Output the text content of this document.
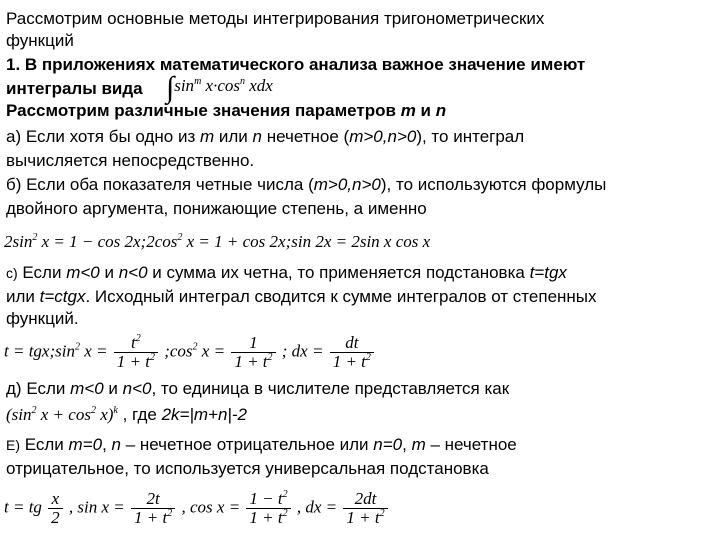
Рассмотрим основные методы интегрирования тригонометрических
функций
1. В приложениях математического анализа важное значение имеют
интегралы вида $\int\sin^m$ $x\cdot\cos^n$ xdx
Рассмотрим различные значения параметров m и n
а) Если хотя бы одно из m или n нечетное (m>0,n>0), то интеграл
вычисляется непосредственно.
б) Если оба показателя четные числа (m>0,n>0), то используются формулы
двойного аргумента, понижающие степень, а именно
$2\sin^2$ $x = 1 - \cos 2x;2\cos^2$ x = 1 + cos 2x;sin 2x = 2sin x cos x
с) Если m<0 и n<0 и сумма их четна, то применяется подстановка t=tgx
или t=ctgx. Исходный интеграл сводится к сумме интегралов от степенных
функций.
$t = tgx;\sin^2$ $x = \frac{t^2}{1 + t^2}$ $;\cos^2$ $x = \frac{1}{1 + t^2}$ ; dx = $\frac{dt}{1 + t^2}$
д) Если m<0 и n<0, то единица в числителе представляется как
($\sin^2$ $x + \cos^2 x)^k$ , где 2k=|m+n|-2
Е) Если m=0, n – нечетное отрицательное или n=0, m – нечетное
отрицательное, то используется универсальная подстановка
t = tg $\frac{x}{2}$ , $\sin x = \frac{2t}{1 + t^2}$ , $\cos x = \frac{1 - t^2}{1 + t^2}$ , dx = $\frac{2dt}{1 + t^2}$
